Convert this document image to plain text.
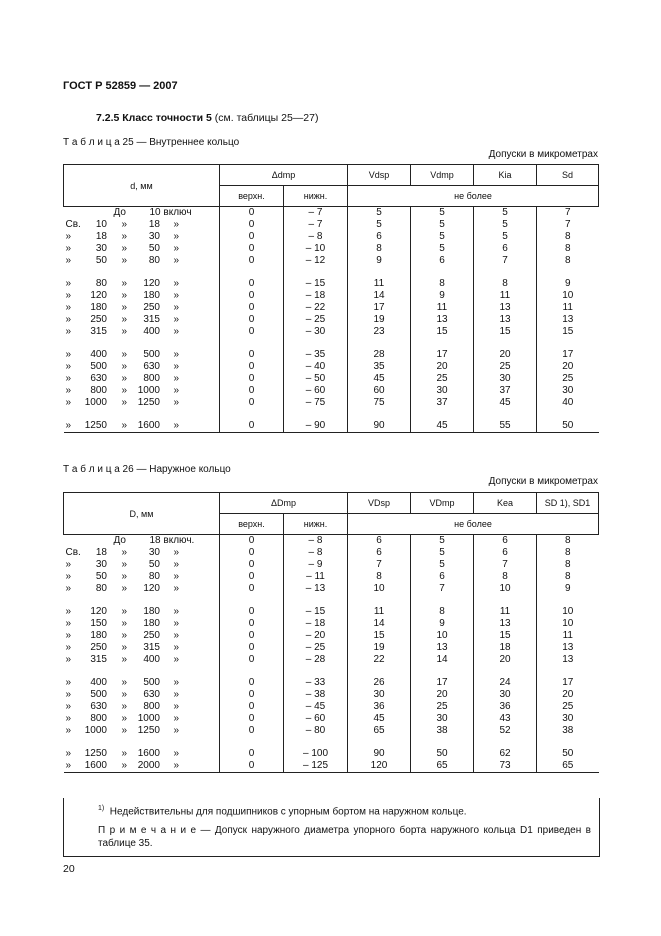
ГОСТ Р 52859 — 2007
7.2.5 Класс точности 5 (см. таблицы 25—27)
Т а б л и ц а 25 — Внутреннее кольцо
Допуски в микрометрах
d, мм	Δdmp		Vdsp	Vdmp	Kia	Sd
	верхн.	нижн.	не более			

До 10 включ	0	– 7	5	5	5	7

Св. 10 » 18 »	0	– 7	5	5	5	7

» 18 » 30 »	0	– 8	6	5	5	8

» 30 » 50 »	0	– 10	8	5	6	8

» 50 » 80 »	0	– 12	9	6	7	8

» 80 » 120 »	0	– 15	11	8	8	9

» 120 » 180 »	0	– 18	14	9	11	10

» 180 » 250 »	0	– 22	17	11	13	11

» 250 » 315 »	0	– 25	19	13	13	13

» 315 » 400 »	0	– 30	23	15	15	15

» 400 » 500 »	0	– 35	28	17	20	17

» 500 » 630 »	0	– 40	35	20	25	20

» 630 » 800 »	0	– 50	45	25	30	25

» 800 » 1000 »	0	– 60	60	30	37	30

» 1000 » 1250 »	0	– 75	75	37	45	40

» 1250 » 1600 »	0	– 90	90	45	55	50
Т а б л и ц а 26 — Наружное кольцо
Допуски в микрометрах
D, мм	ΔDmp		VDsp	VDmp	Kea	SD 1), SD1
	верхн.	нижн.	не более			

До 18 включ.	0	– 8	6	5	6	8

Св. 18 » 30 »	0	– 8	6	5	6	8

» 30 » 50 »	0	– 9	7	5	7	8

» 50 » 80 »	0	– 11	8	6	8	8

» 80 » 120 »	0	– 13	10	7	10	9

» 120 » 180 »	0	– 15	11	8	11	10

» 150 » 180 »	0	– 18	14	9	13	10

» 180 » 250 »	0	– 20	15	10	15	11

» 250 » 315 »	0	– 25	19	13	18	13

» 315 » 400 »	0	– 28	22	14	20	13

» 400 » 500 »	0	– 33	26	17	24	17

» 500 » 630 »	0	– 38	30	20	30	20

» 630 » 800 »	0	– 45	36	25	36	25

» 800 » 1000 »	0	– 60	45	30	43	30

» 1000 » 1250 »	0	– 80	65	38	52	38

» 1250 » 1600 »	0	– 100	90	50	62	50

» 1600 » 2000 »	0	– 125	120	65	73	65

$^{1)}$ Недействительны для подшипников с упорным бортом на наружном кольце.

П р и м е ч а н и е — Допуск наружного диаметра упорного борта наружного кольца D1 приведен в таблице 35.

20
